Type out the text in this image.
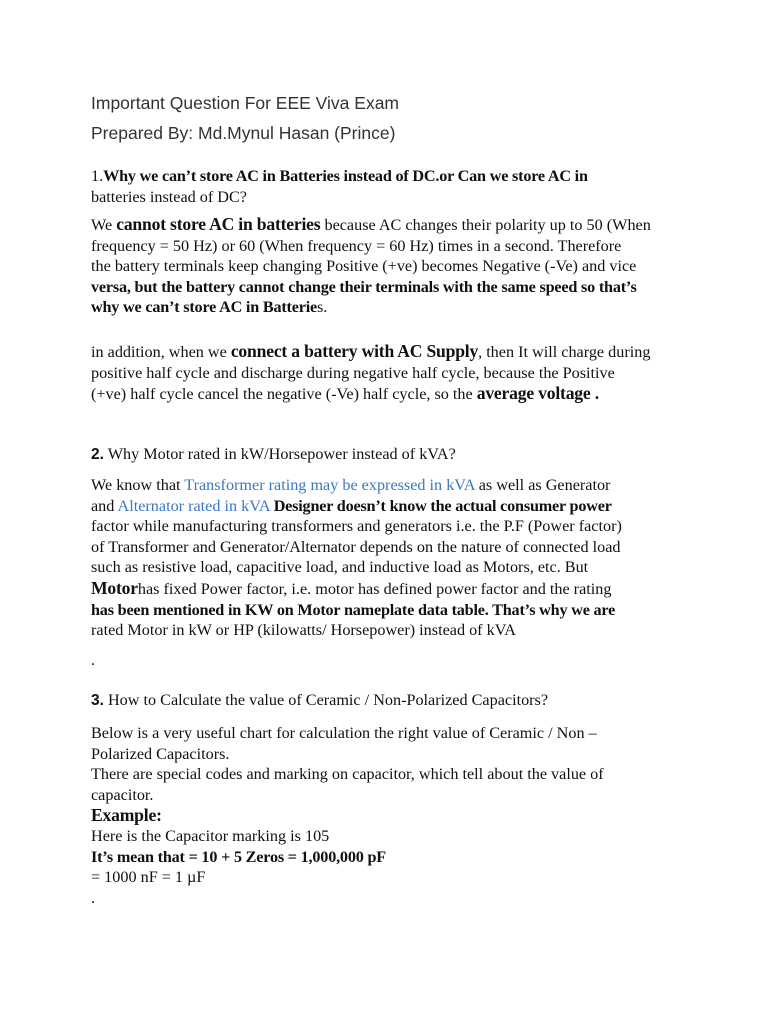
Important Question For EEE Viva Exam
Prepared By: Md.Mynul Hasan (Prince)

1.Why we can’t store AC in Batteries instead of DC.or Can we store AC in

batteries instead of DC?

We cannot store AC in batteries because AC changes their polarity up to 50 (When

frequency = 50 Hz) or 60 (When frequency = 60 Hz) times in a second. Therefore

the battery terminals keep changing Positive (+ve) becomes Negative (-Ve) and vice

versa, but the battery cannot change their terminals with the same speed so that’s

why we can’t store AC in Batteries.

in addition, when we connect a battery with AC Supply, then It will charge during

positive half cycle and discharge during negative half cycle, because the Positive

(+ve) half cycle cancel the negative (-Ve) half cycle, so the average voltage .

2. Why Motor rated in kW/Horsepower instead of kVA?

We know that Transformer rating may be expressed in kVA as well as Generator

and Alternator rated in kVA Designer doesn’t know the actual consumer power

factor while manufacturing transformers and generators i.e. the P.F (Power factor)

of Transformer and Generator/Alternator depends on the nature of connected load

such as resistive load, capacitive load, and inductive load as Motors, etc. But

Motorhas fixed Power factor, i.e. motor has defined power factor and the rating

has been mentioned in KW on Motor nameplate data table. That’s why we are

rated Motor in kW or HP (kilowatts/ Horsepower) instead of kVA

.

3. How to Calculate the value of Ceramic / Non-Polarized Capacitors?

Below is a very useful chart for calculation the right value of Ceramic / Non –

Polarized Capacitors.

There are special codes and marking on capacitor, which tell about the value of

capacitor.

Example:

Here is the Capacitor marking is 105

It’s mean that = 10 + 5 Zeros = 1,000,000 pF

= 1000 nF = 1 µF

.
